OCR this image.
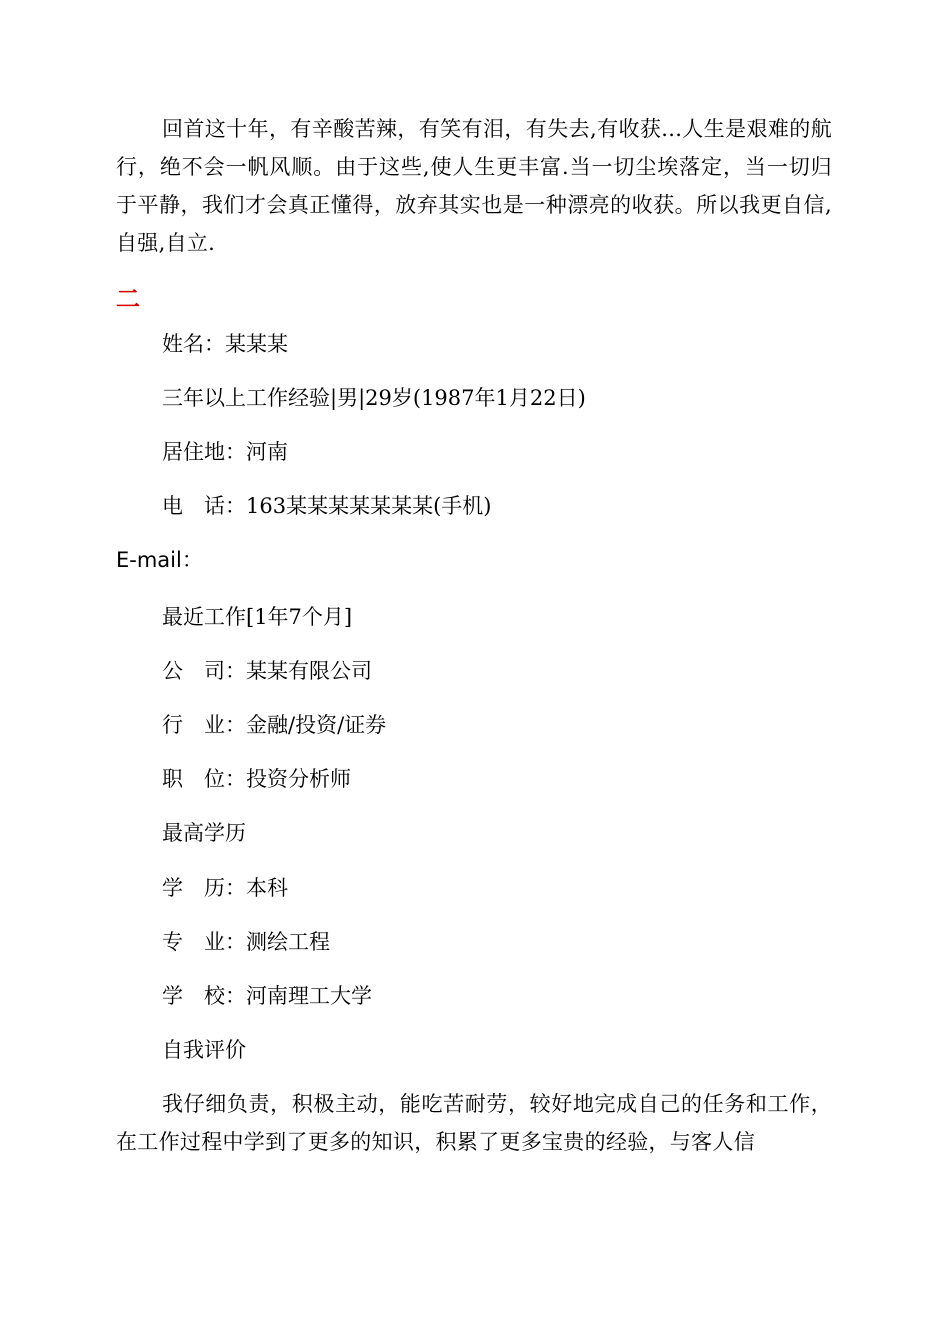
回首这十年，有辛酸苦辣，有笑有泪，有失去,有收获...人生是艰难的航行，绝不会一帆风顺。由于这些,使人生更丰富.当一切尘埃落定，当一切归于平静，我们才会真正懂得，放弃其实也是一种漂亮的收获。所以我更自信,自强,自立.

二

姓名：某某某

三年以上工作经验|男|29岁(1987年1月22日)

居住地：河南

电　话：163某某某某某某某(手机)

E-mail：

最近工作[1年7个月]

公　司：某某有限公司

行　业：金融/投资/证券

职　位：投资分析师

最高学历

学　历：本科

专　业：测绘工程

学　校：河南理工大学

自我评价

我仔细负责，积极主动，能吃苦耐劳，较好地完成自己的任务和工作，在工作过程中学到了更多的知识，积累了更多宝贵的经验，与客人信
